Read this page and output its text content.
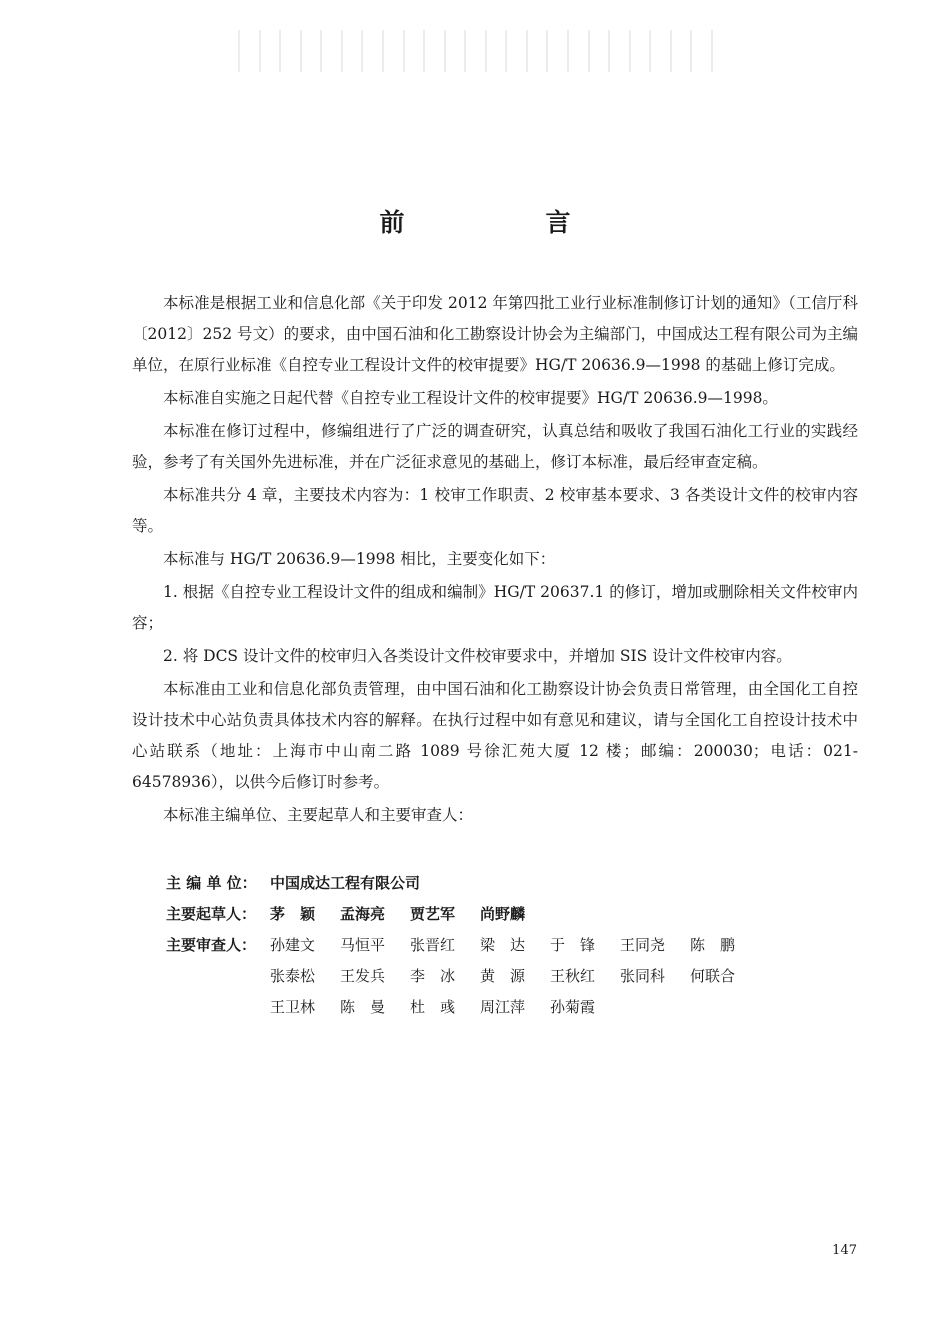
前　言

本标准是根据工业和信息化部《关于印发 2012 年第四批工业行业标准制修订计划的通知》（工信厅科〔2012〕252 号文）的要求，由中国石油和化工勘察设计协会为主编部门，中国成达工程有限公司为主编单位，在原行业标准《自控专业工程设计文件的校审提要》HG/T 20636.9—1998 的基础上修订完成。

本标准自实施之日起代替《自控专业工程设计文件的校审提要》HG/T 20636.9—1998。

本标准在修订过程中，修编组进行了广泛的调查研究，认真总结和吸收了我国石油化工行业的实践经验，参考了有关国外先进标准，并在广泛征求意见的基础上，修订本标准，最后经审查定稿。

本标准共分 4 章，主要技术内容为：1 校审工作职责、2 校审基本要求、3 各类设计文件的校审内容等。

本标准与 HG/T 20636.9—1998 相比，主要变化如下：

1. 根据《自控专业工程设计文件的组成和编制》HG/T 20637.1 的修订，增加或删除相关文件校审内容；

2. 将 DCS 设计文件的校审归入各类设计文件校审要求中，并增加 SIS 设计文件校审内容。

本标准由工业和信息化部负责管理，由中国石油和化工勘察设计协会负责日常管理，由全国化工自控设计技术中心站负责具体技术内容的解释。在执行过程中如有意见和建议，请与全国化工自控设计技术中心站联系（地址：上海市中山南二路 1089 号徐汇苑大厦 12 楼；邮编：200030；电话：021-64578936），以供今后修订时参考。

本标准主编单位、主要起草人和主要审查人：

主 编 单 位： 中国成达工程有限公司
主要起草人： 茅　颖	孟海亮	贾艺军	尚野麟
主要审查人： 孙建文	马恒平	张晋红	梁　达	于　锋	王同尧	陈　鹏
张泰松	王发兵	李　冰	黄　源	王秋红	张同科	何联合
王卫林	陈　曼	杜　彧	周江萍	孙菊霞

147
